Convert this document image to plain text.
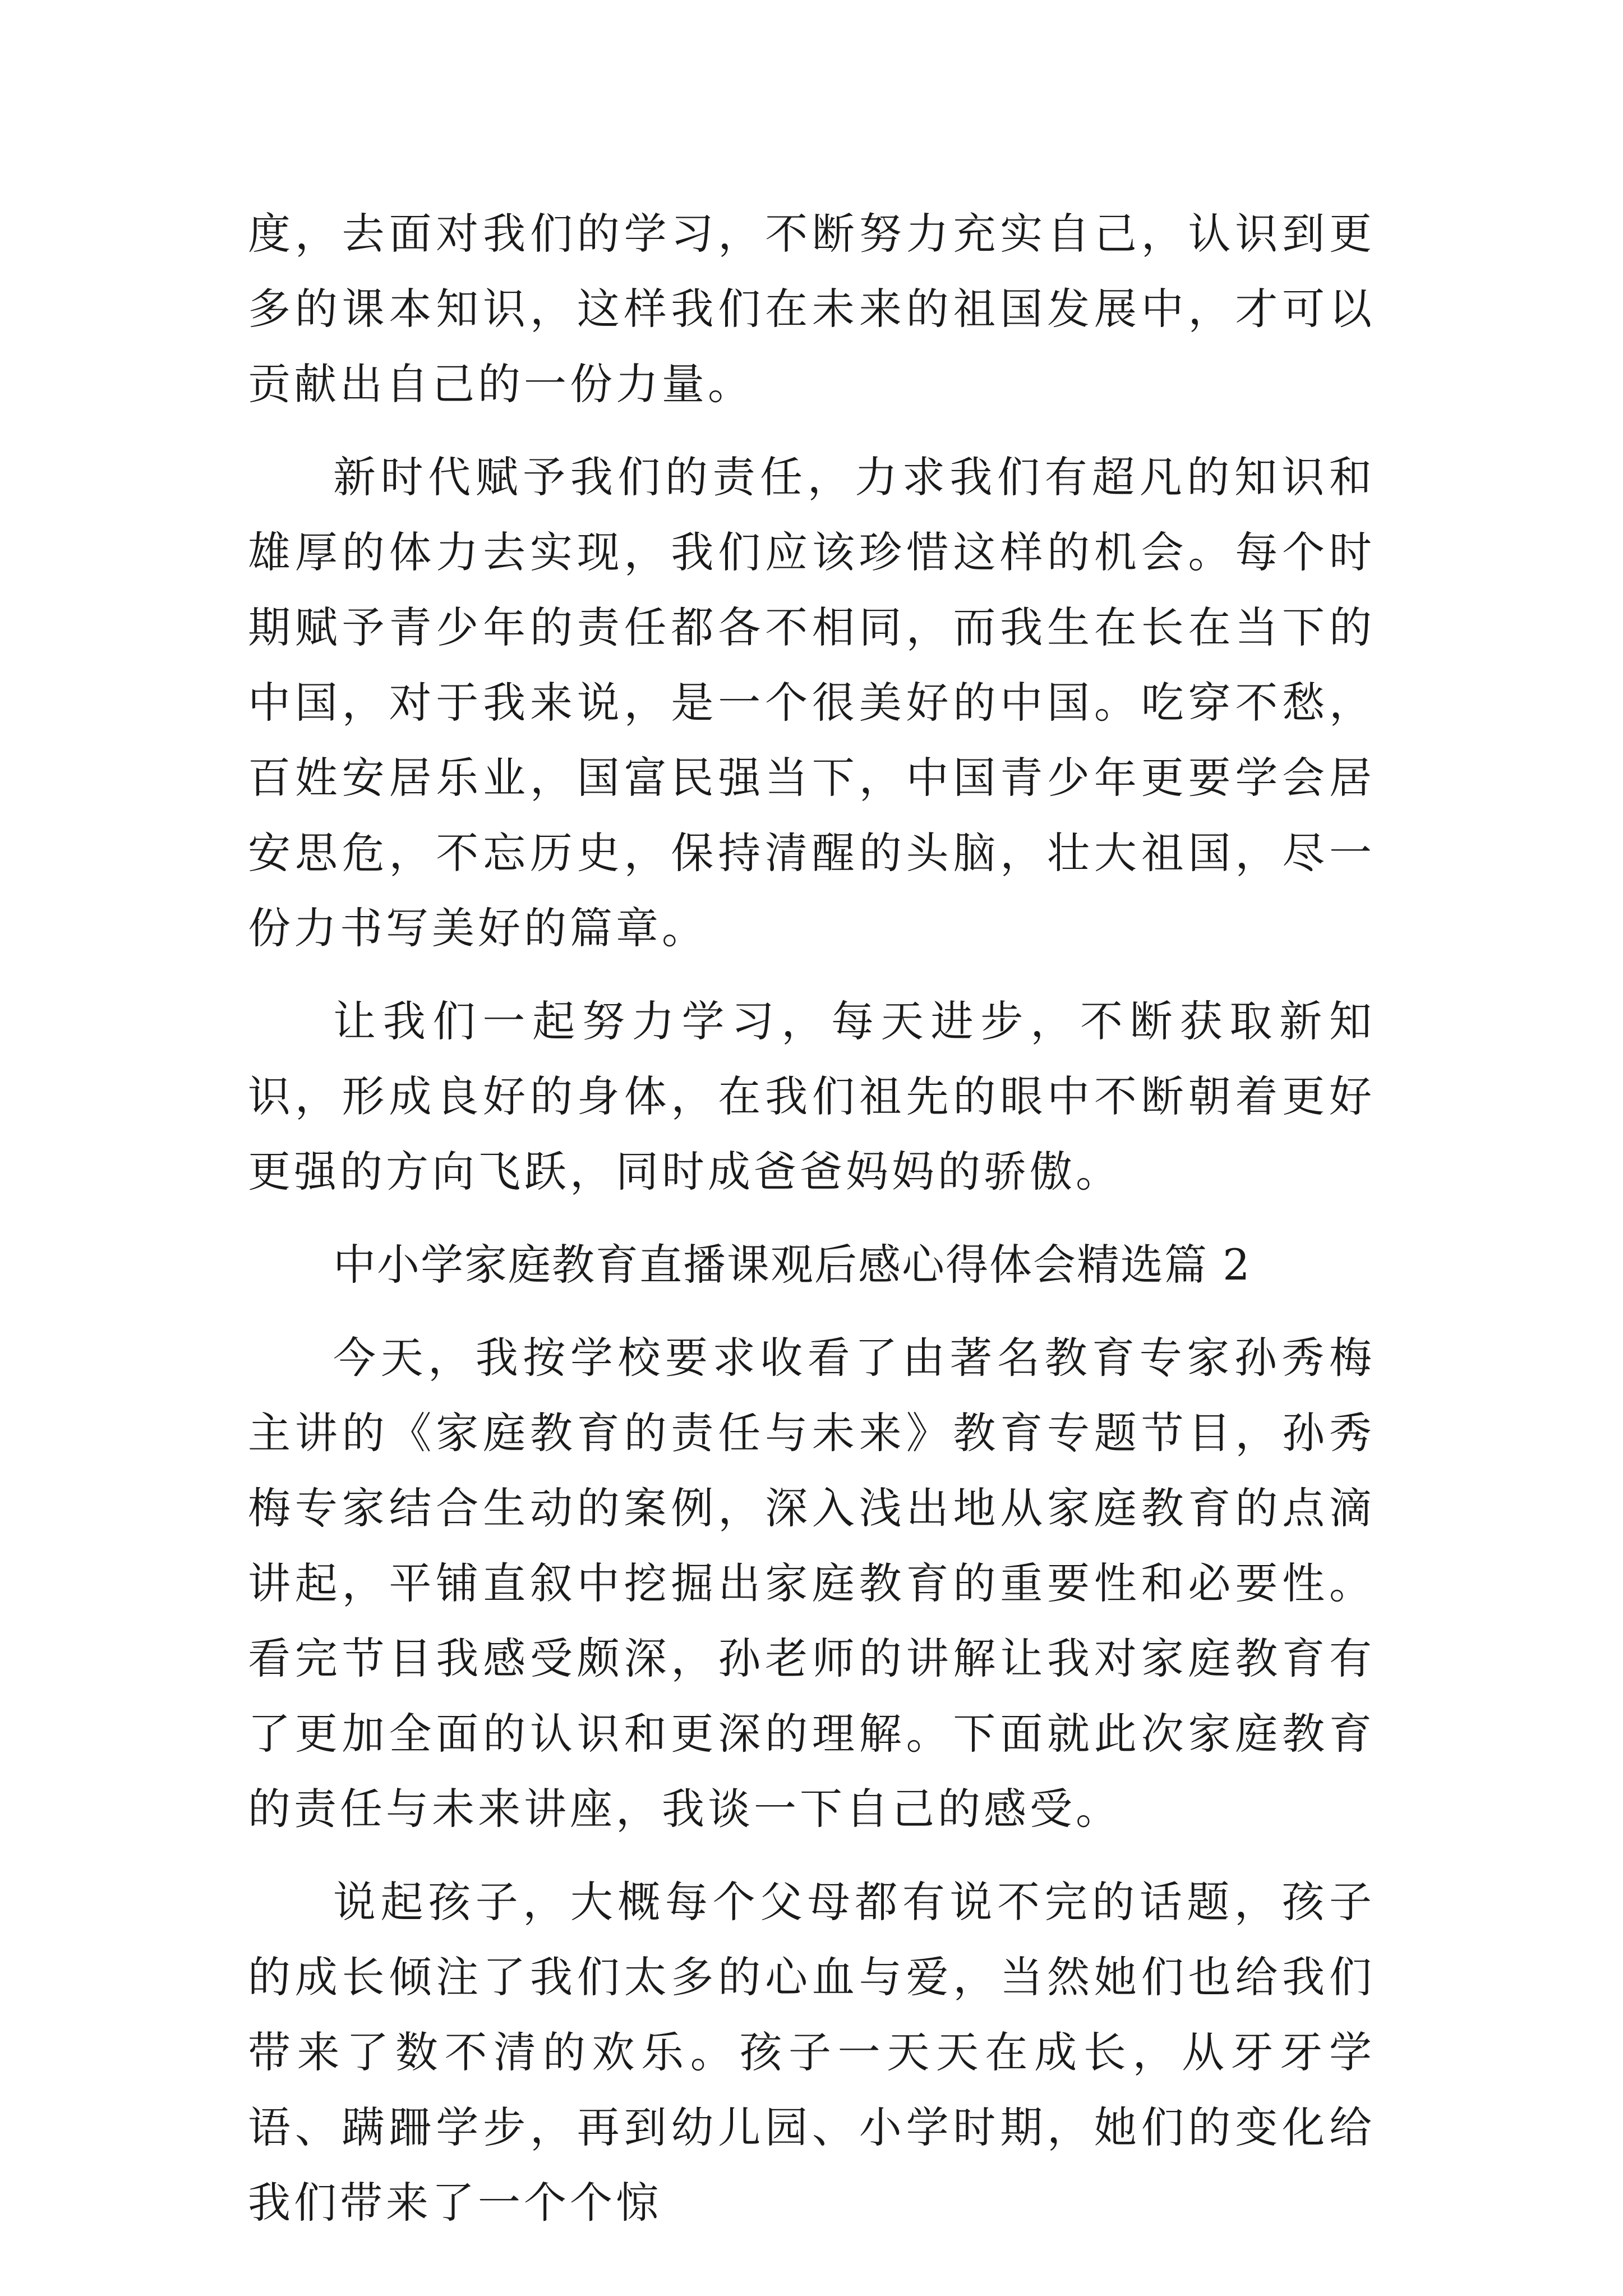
度，去面对我们的学习，不断努力充实自己，认识到更多的课本知识，这样我们在未来的祖国发展中，才可以贡献出自己的一份力量。

新时代赋予我们的责任，力求我们有超凡的知识和雄厚的体力去实现，我们应该珍惜这样的机会。每个时期赋予青少年的责任都各不相同，而我生在长在当下的中国，对于我来说，是一个很美好的中国。吃穿不愁，百姓安居乐业，国富民强当下，中国青少年更要学会居安思危，不忘历史，保持清醒的头脑，壮大祖国，尽一份力书写美好的篇章。

让我们一起努力学习，每天进步，不断获取新知识，形成良好的身体，在我们祖先的眼中不断朝着更好更强的方向飞跃，同时成爸爸妈妈的骄傲。

中小学家庭教育直播课观后感心得体会精选篇 2

今天，我按学校要求收看了由著名教育专家孙秀梅主讲的《家庭教育的责任与未来》教育专题节目，孙秀梅专家结合生动的案例，深入浅出地从家庭教育的点滴讲起，平铺直叙中挖掘出家庭教育的重要性和必要性。看完节目我感受颇深，孙老师的讲解让我对家庭教育有了更加全面的认识和更深的理解。下面就此次家庭教育的责任与未来讲座，我谈一下自己的感受。

说起孩子，大概每个父母都有说不完的话题，孩子的成长倾注了我们太多的心血与爱，当然她们也给我们带来了数不清的欢乐。孩子一天天在成长，从牙牙学语、蹒跚学步，再到幼儿园、小学时期，她们的变化给我们带来了一个个惊
